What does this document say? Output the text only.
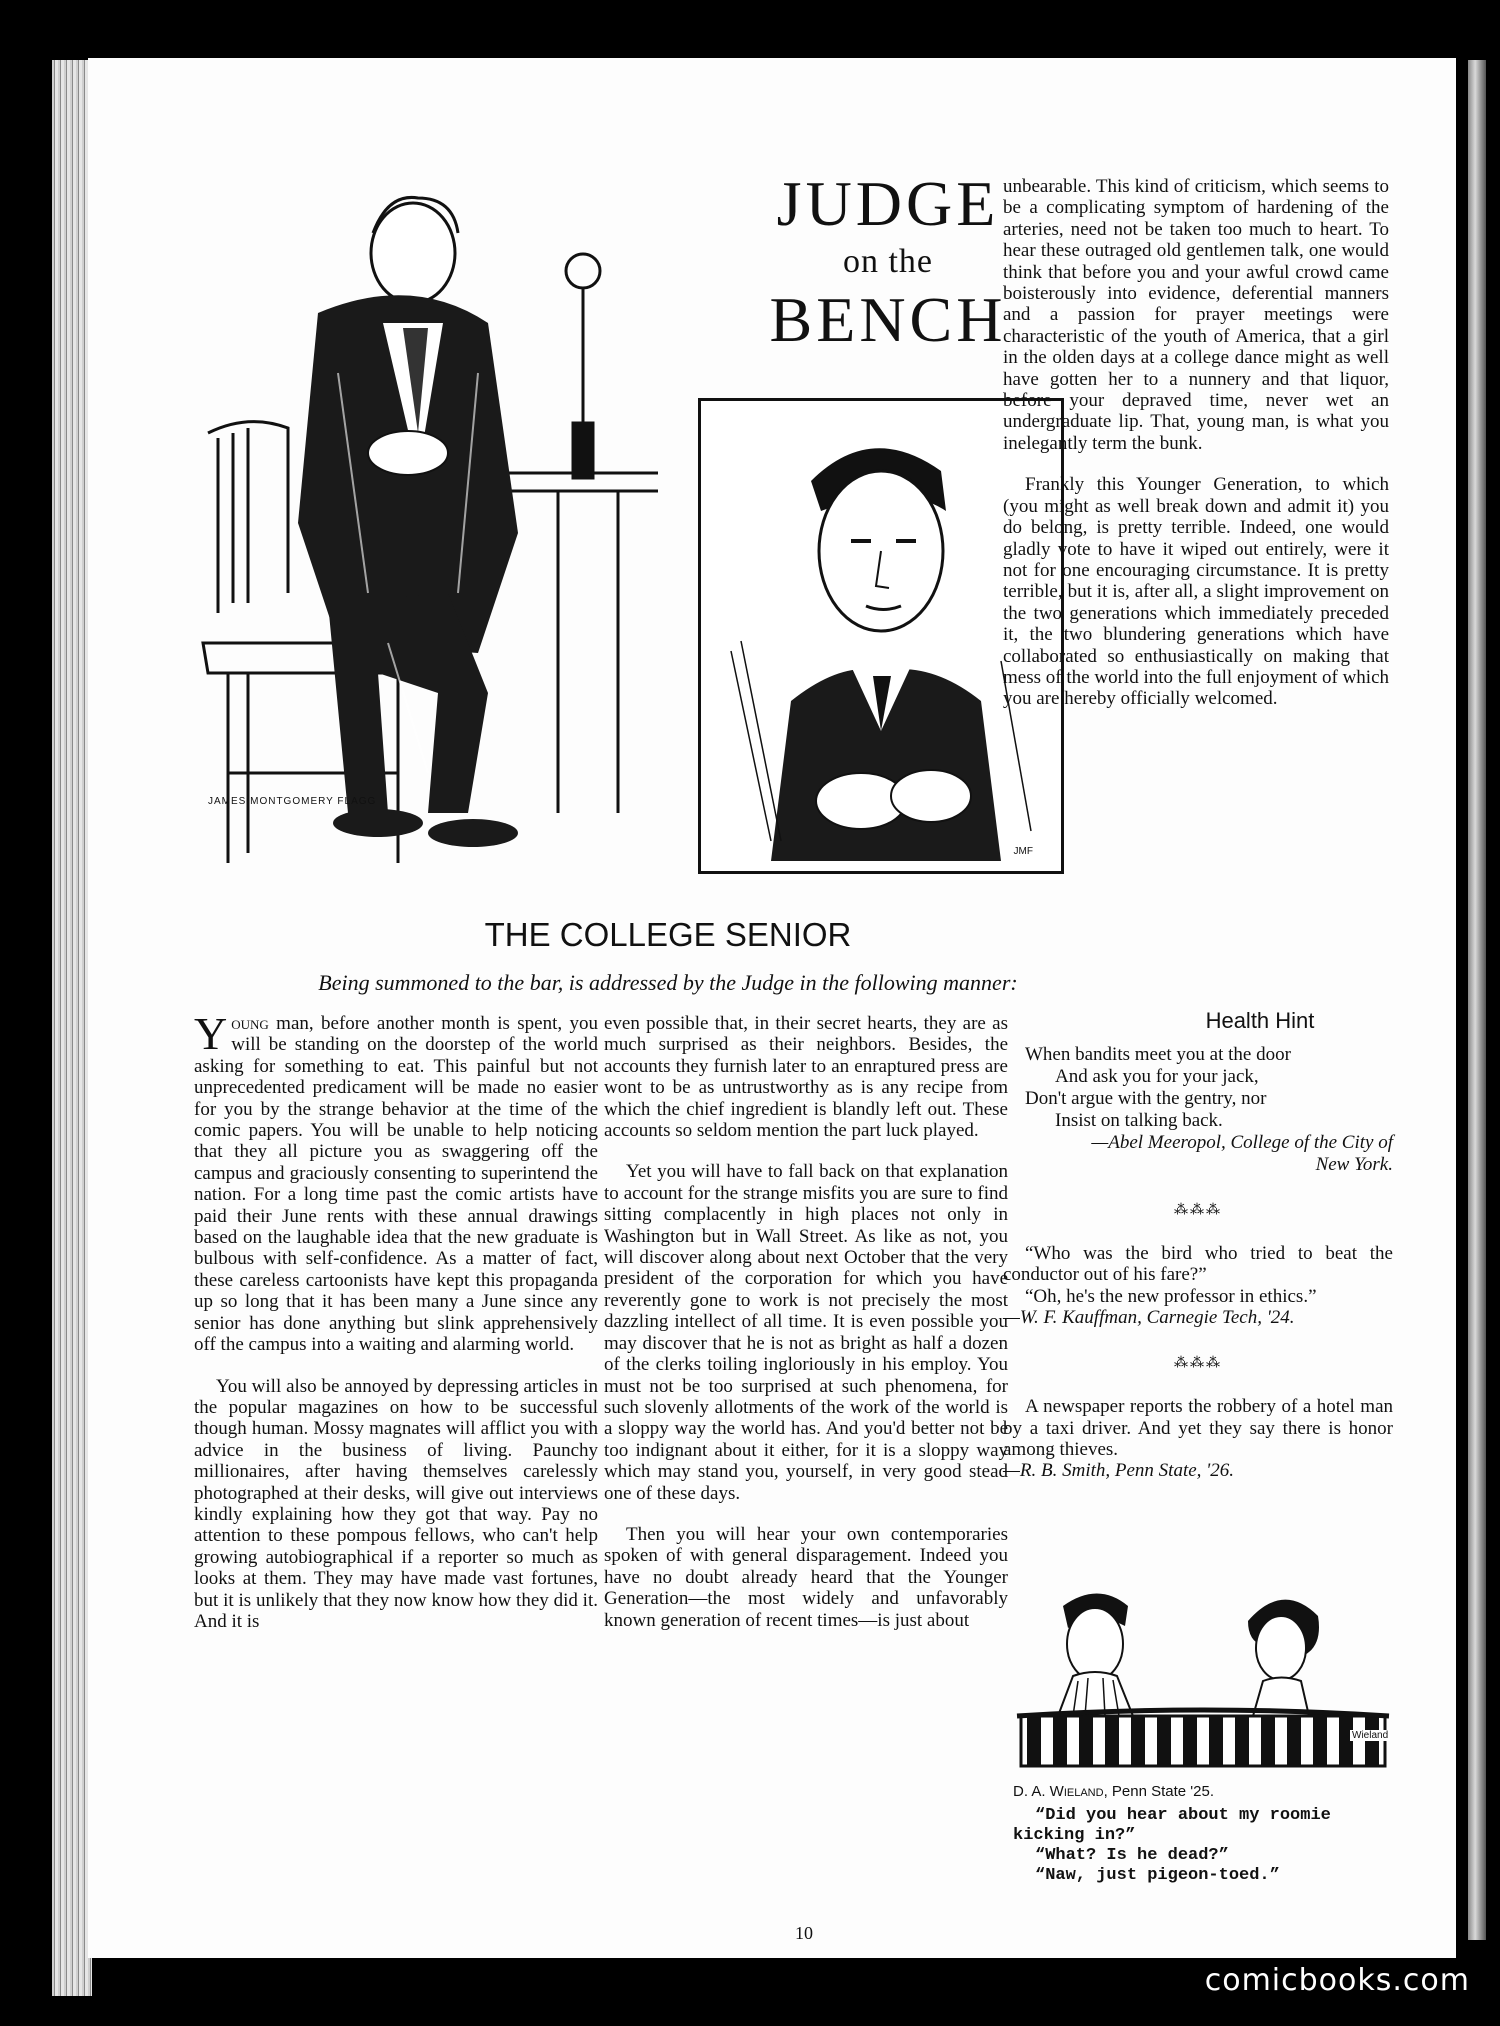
JAMES MONTGOMERY FLAGG
JUDGE
on the
BENCH
JMF
THE COLLEGE SENIOR
Being summoned to the bar, is addressed by the Judge in the following manner:

Young man, before another month is spent, you will be standing on the doorstep of the world asking for something to eat. This painful but not unprecedented predicament will be made no easier for you by the strange behavior at the time of the comic papers. You will be unable to help noticing that they all picture you as swaggering off the campus and graciously consenting to superintend the nation. For a long time past the comic artists have paid their June rents with these annual drawings based on the laughable idea that the new graduate is bulbous with self-confidence. As a matter of fact, these careless cartoonists have kept this propaganda up so long that it has been many a June since any senior has done anything but slink apprehensively off the campus into a waiting and alarming world.

You will also be annoyed by depressing articles in the popular magazines on how to be successful though human. Mossy magnates will afflict you with advice in the business of living. Paunchy millionaires, after having themselves carelessly photographed at their desks, will give out interviews kindly explaining how they got that way. Pay no attention to these pompous fellows, who can't help growing autobiographical if a reporter so much as looks at them. They may have made vast fortunes, but it is unlikely that they now know how they did it. And it is

even possible that, in their secret hearts, they are as much surprised as their neighbors. Besides, the accounts they furnish later to an enraptured press are wont to be as untrustworthy as is any recipe from which the chief ingredient is blandly left out. These accounts so seldom mention the part luck played.

Yet you will have to fall back on that explanation to account for the strange misfits you are sure to find sitting complacently in high places not only in Washington but in Wall Street. As like as not, you will discover along about next October that the very president of the corporation for which you have reverently gone to work is not precisely the most dazzling intellect of all time. It is even possible you may discover that he is not as bright as half a dozen of the clerks toiling ingloriously in his employ. You must not be too surprised at such phenomena, for such slovenly allotments of the work of the world is a sloppy way the world has. And you'd better not be too indignant about it either, for it is a sloppy way which may stand you, yourself, in very good stead one of these days.

Then you will hear your own contemporaries spoken of with general disparagement. Indeed you have no doubt already heard that the Younger Generation—the most widely and unfavorably known generation of recent times—is just about

unbearable. This kind of criticism, which seems to be a complicating symptom of hardening of the arteries, need not be taken too much to heart. To hear these outraged old gentlemen talk, one would think that before you and your awful crowd came boisterously into evidence, deferential manners and a passion for prayer meetings were characteristic of the youth of America, that a girl in the olden days at a college dance might as well have gotten her to a nunnery and that liquor, before your depraved time, never wet an undergraduate lip. That, young man, is what you inelegantly term the bunk.

Frankly this Younger Generation, to which (you might as well break down and admit it) you do belong, is pretty terrible. Indeed, one would gladly vote to have it wiped out entirely, were it not for one encouraging circumstance. It is pretty terrible, but it is, after all, a slight improvement on the two generations which immediately preceded it, the two blundering generations which have collaborated so enthusiastically on making that mess of the world into the full enjoyment of which you are hereby officially welcomed.

Health Hint
When bandits meet you at the door
And ask you for your jack,
Don't argue with the gentry, nor
Insist on talking back.
—Abel Meeropol, College of the City of New York.
⁂⁂⁂

“Who was the bird who tried to beat the conductor out of his fare?”

“Oh, he's the new professor in ethics.”

—W. F. Kauffman, Carnegie Tech, '24.
⁂⁂⁂

A newspaper reports the robbery of a hotel man by a taxi driver. And yet they say there is honor among thieves.

—R. B. Smith, Penn State, '26.
Wieland
D. A. Wieland, Penn State '25.
“Did you hear about my roomie kicking in?”
“What? Is he dead?”
“Naw, just pigeon-toed.”
10
comicbooks.com
